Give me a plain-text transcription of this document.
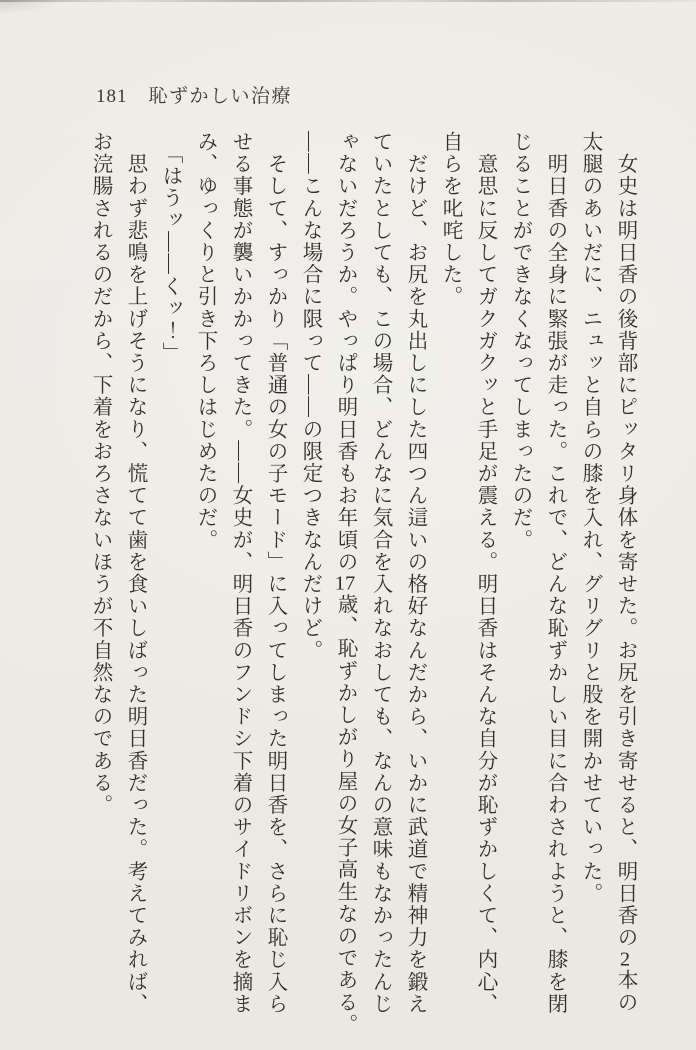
181 恥ずかしい治療
　女史は明日香の後背部にピッタリ身体を寄せた。お尻を引き寄せると、明日香の2本の
太腿のあいだに、ニュッと自らの膝を入れ、グリグリと股を開かせていった。
　明日香の全身に緊張が走った。これで、どんな恥ずかしい目に合わされようと、膝を閉
じることができなくなってしまったのだ。
　意思に反してガクガクッと手足が震える。明日香はそんな自分が恥ずかしくて、内心、
自らを叱咤した。
　だけど、お尻を丸出しにした四つん這いの格好なんだから、いかに武道で精神力を鍛え
ていたとしても、この場合、どんなに気合を入れなおしても、なんの意味もなかったんじ
ゃないだろうか。やっぱり明日香もお年頃の17歳、恥ずかしがり屋の女子高生なのである。
――こんな場合に限って――の限定つきなんだけど。
　そして、すっかり「普通の女の子モード」に入ってしまった明日香を、さらに恥じ入ら
せる事態が襲いかかってきた。――女史が、明日香のフンドシ下着のサイドリボンを摘ま
み、ゆっくりと引き下ろしはじめたのだ。
　「はうッ――くッ！」
　思わず悲鳴を上げそうになり、慌てて歯を食いしばった明日香だった。考えてみれば、
お浣腸されるのだから、下着をおろさないほうが不自然なのである。
